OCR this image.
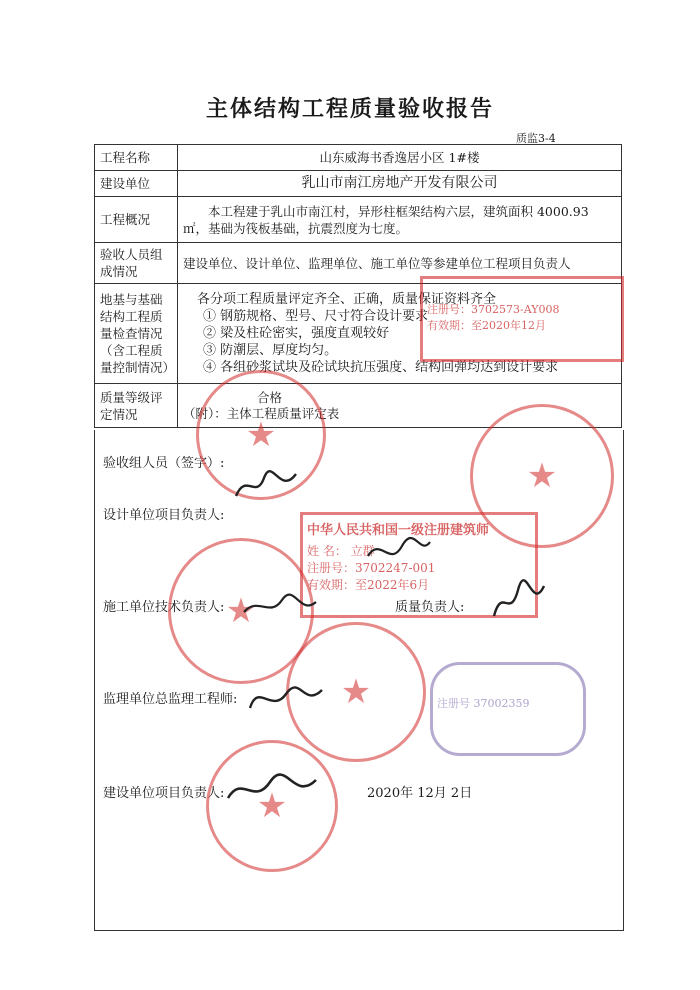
主体结构工程质量验收报告
质监3-4
工程名称	山东威海书香逸居小区 1#楼
建设单位	乳山市南江房地产开发有限公司
工程概况	本工程建于乳山市南江村，异形柱框架结构六层，建筑面积 4000.93 ㎡，基础为筏板基础，抗震烈度为七度。
验收人员组成情况	建设单位、设计单位、监理单位、施工单位等参建单位工程项目负责人
地基与基础结构工程质量检查情况（含工程质量控制情况）	各分项工程质量评定齐全、正确，质量保证资料齐全
① 钢筋规格、型号、尺寸符合设计要求
② 梁及柱砼密实，强度直观较好
③ 防潮层、厚度均匀。
④ 各组砂浆试块及砼试块抗压强度、结构回弹均达到设计要求

质量等级评定情况	合格
（附）：主体工程质量评定表
验收组人员（签字）:
设计单位项目负责人:
施工单位技术负责人:	质量负责人:
监理单位总监理工程师:
建设单位项目负责人:	2020年 12月 2日
★
★
注册号：3702573-AY008
有效期：至2020年12月
中华人民共和国一级注册建筑师
姓 名： 立群
注册号：3702247-001
有效期：至2022年6月
★
★	注册号 37002359
★
